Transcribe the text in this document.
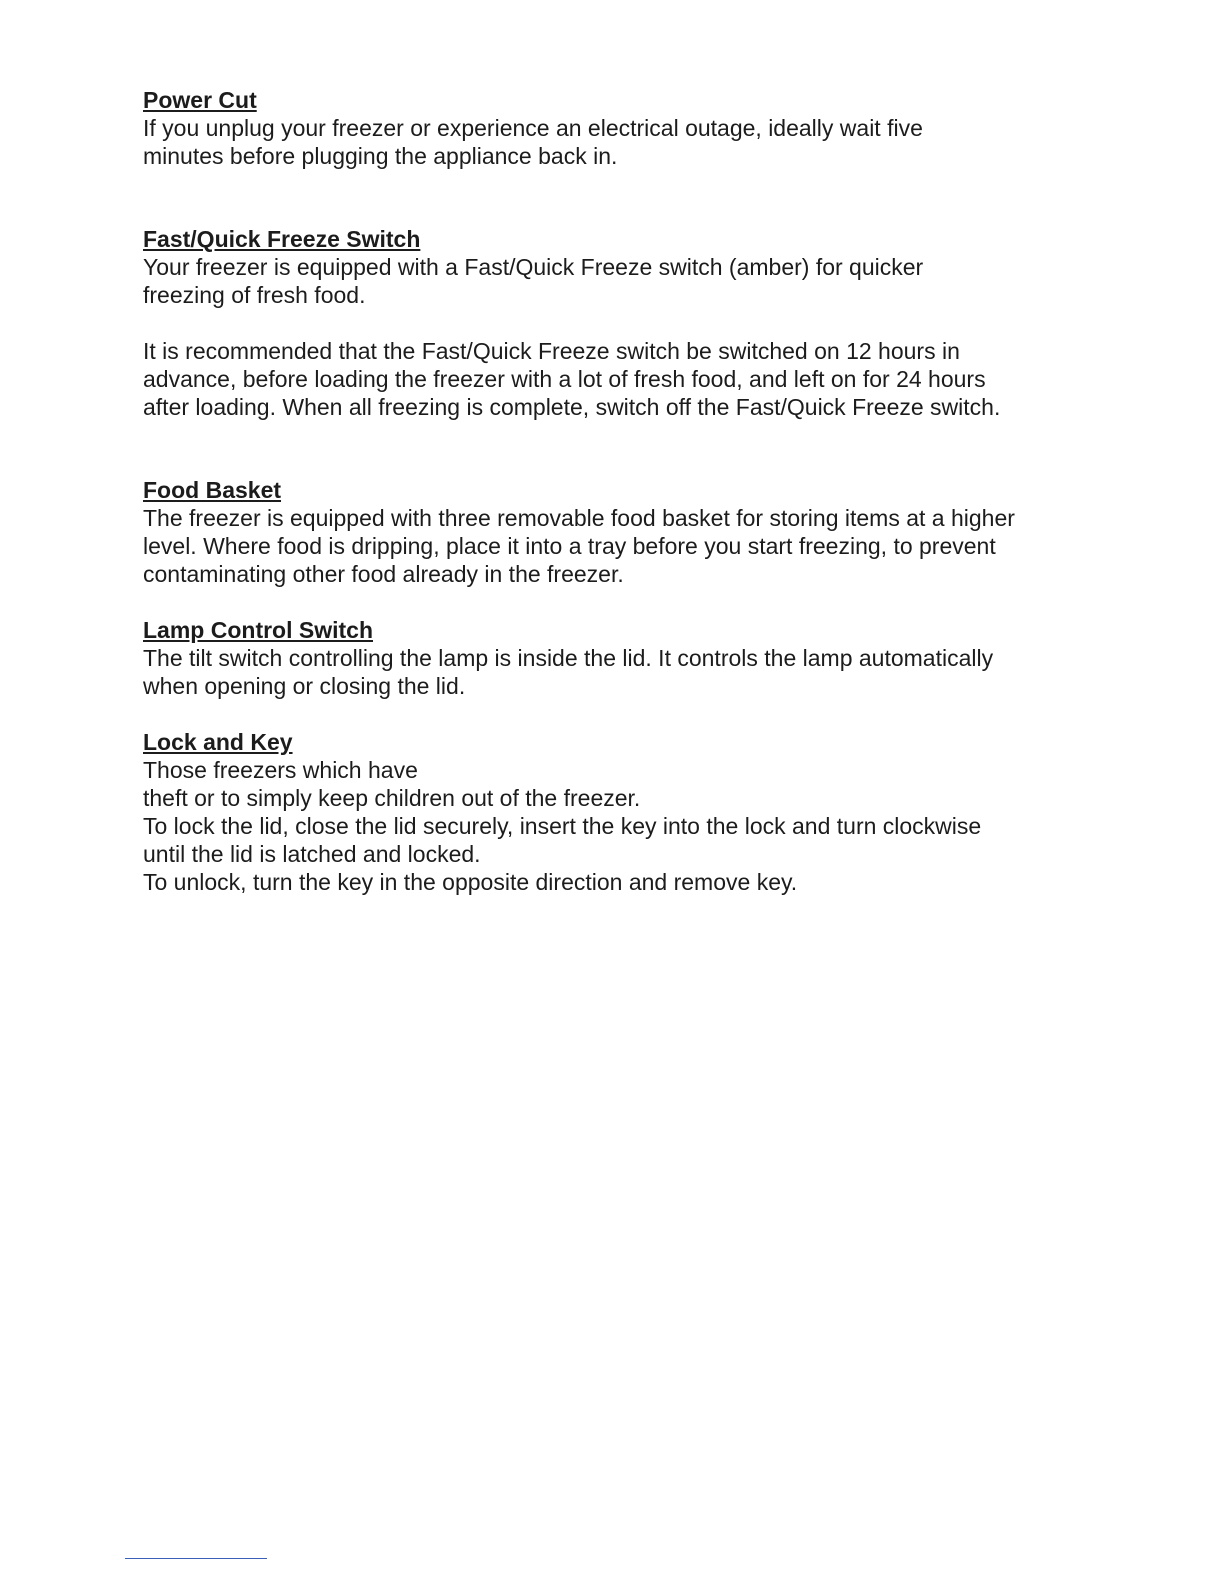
Power Cut
If you unplug your freezer or experience an electrical outage, ideally wait five
minutes before plugging the appliance back in.
Fast/Quick Freeze Switch
Your freezer is equipped with a Fast/Quick Freeze switch (amber) for quicker
freezing of fresh food.
It is recommended that the Fast/Quick Freeze switch be switched on 12 hours in
advance, before loading the freezer with a lot of fresh food, and left on for 24 hours
after loading. When all freezing is complete, switch off the Fast/Quick Freeze switch.
Food Basket
The freezer is equipped with three removable food basket for storing items at a higher
level. Where food is dripping, place it into a tray before you start freezing, to prevent
contaminating other food already in the freezer.
Lamp Control Switch
The tilt switch controlling the lamp is inside the lid. It controls the lamp automatically
when opening or closing the lid.
Lock and Key
Those freezers which have
theft or to simply keep children out of the freezer.
To lock the lid, close the lid securely, insert the key into the lock and turn clockwise
until the lid is latched and locked.
To unlock, turn the key in the opposite direction and remove key.
